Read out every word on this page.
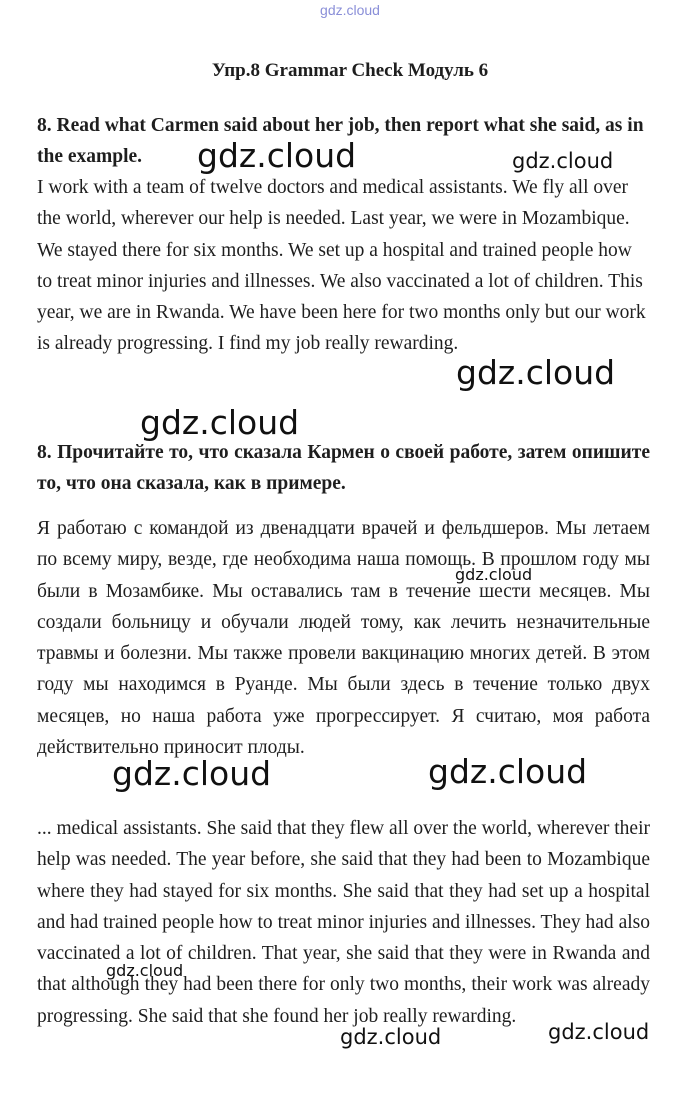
gdz.cloud
Упр.8 Grammar Check Модуль 6

8. Read what Carmen said about her job, then report what she said, as in the example.

I work with a team of twelve doctors and medical assistants. We fly all over the world, wherever our help is needed. Last year, we were in Mozambique. We stayed there for six months. We set up a hospital and trained people how to treat minor injuries and illnesses. We also vaccinated a lot of children. This year, we are in Rwanda. We have been here for two months only but our work is already progressing. I find my job really rewarding.

8. Прочитайте то, что сказала Кармен о своей работе, затем опишите то, что она сказала, как в примере.

Я работаю с командой из двенадцати врачей и фельдшеров. Мы летаем по всему миру, везде, где необходима наша помощь. В прошлом году мы были в Мозамбике. Мы оставались там в течение шести месяцев. Мы создали больницу и обучали людей тому, как лечить незначительные травмы и болезни. Мы также провели вакцинацию многих детей. В этом году мы находимся в Руанде. Мы были здесь в течение только двух месяцев, но наша работа уже прогрессирует. Я считаю, моя работа действительно приносит плоды.

... medical assistants. She said that they flew all over the world, wherever their help was needed. The year before, she said that they had been to Mozambique where they had stayed for six months. She said that they had set up a hospital and had trained people how to treat minor injuries and illnesses. They had also vaccinated a lot of children. That year, she said that they were in Rwanda and that although they had been there for only two months, their work was already progressing. She said that she found her job really rewarding.

gdz.cloud	gdz.cloud
gdz.cloud
gdz.cloud
gdz.cloud
gdz.cloud	gdz.cloud
gdz.cloud
gdz.cloud
gdz.cloud
